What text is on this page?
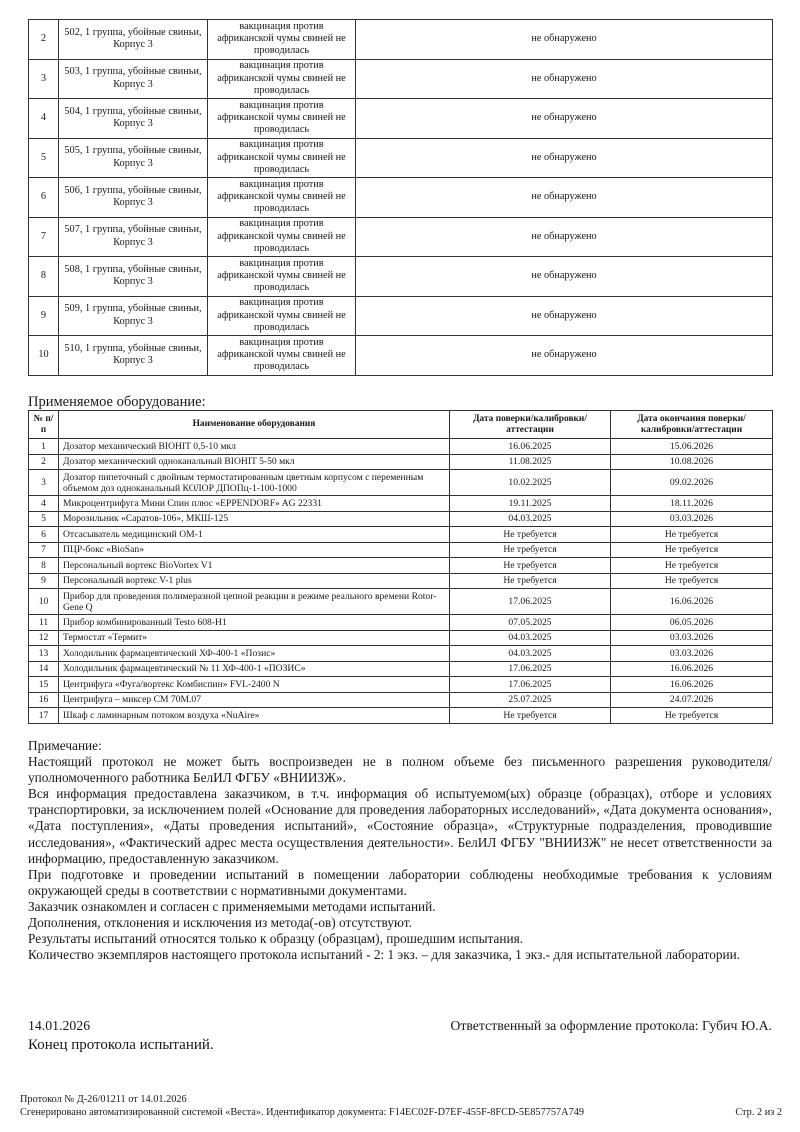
2	502, 1 группа, убойные свиньи, Корпус 3	вакцинация против африканской чумы свиней не проводилась	не обнаружено
3	503, 1 группа, убойные свиньи, Корпус 3	вакцинация против африканской чумы свиней не проводилась	не обнаружено
4	504, 1 группа, убойные свиньи, Корпус 3	вакцинация против африканской чумы свиней не проводилась	не обнаружено
5	505, 1 группа, убойные свиньи, Корпус 3	вакцинация против африканской чумы свиней не проводилась	не обнаружено
6	506, 1 группа, убойные свиньи, Корпус 3	вакцинация против африканской чумы свиней не проводилась	не обнаружено
7	507, 1 группа, убойные свиньи, Корпус 3	вакцинация против африканской чумы свиней не проводилась	не обнаружено
8	508, 1 группа, убойные свиньи, Корпус 3	вакцинация против африканской чумы свиней не проводилась	не обнаружено
9	509, 1 группа, убойные свиньи, Корпус 3	вакцинация против африканской чумы свиней не проводилась	не обнаружено
10	510, 1 группа, убойные свиньи, Корпус 3	вакцинация против африканской чумы свиней не проводилась	не обнаружено
Применяемое оборудование:
№ п/п	Наименование оборудования	Дата поверки/калибровки/аттестации	Дата окончания поверки/калибровки/аттестации
1	Дозатор механический BIOHIT 0,5-10 мкл	16.06.2025	15.06.2026
2	Дозатор механический одноканальный BIOHIT 5-50 мкл	11.08.2025	10.08.2026
3	Дозатор пипеточный с двойным термостатированным цветным корпусом с переменным объемом доз одноканальный КОЛОР ДПОПц-1-100-1000	10.02.2025	09.02.2026
4	Микроцентрифуга Мини Спин плюс «EPPENDORF» AG 22331	19.11.2025	18.11.2026
5	Морозильник «Саратов-106», МКШ-125	04.03.2025	03.03.2026
6	Отсасыватель медицинский ОМ-1	Не требуется	Не требуется
7	ПЦР-бокс «BioSan»	Не требуется	Не требуется
8	Персональный вортекс BioVortex V1	Не требуется	Не требуется
9	Персональный вортекс V-1 plus	Не требуется	Не требуется
10	Прибор для проведения полимеразной цепной реакции в режиме реального времени Rotor-Gene Q	17.06.2025	16.06.2026
11	Прибор комбинированный Testo 608-H1	07.05.2025	06.05.2026
12	Термостат «Термит»	04.03.2025	03.03.2026
13	Холодильник фармацевтический ХФ-400-1 «Позис»	04.03.2025	03.03.2026
14	Холодильник фармацевтический № 11 ХФ-400-1 «ПОЗИС»	17.06.2025	16.06.2026
15	Центрифуга «Фуга/вортекс Комбиспин» FVL-2400 N	17.06.2025	16.06.2026
16	Центрифуга – миксер СМ 70М.07	25.07.2025	24.07.2026
17	Шкаф с ламинарным потоком воздуха «NuAire»	Не требуется	Не требуется

Примечание:

Настоящий протокол не может быть воспроизведен не в полном объеме без письменного разрешения руководителя/уполномоченного работника БелИЛ ФГБУ «ВНИИЗЖ».

Вся информация предоставлена заказчиком, в т.ч. информация об испытуемом(ых) образце (образцах), отборе и условиях транспортировки, за исключением полей «Основание для проведения лабораторных исследований», «Дата документа основания», «Дата поступления», «Даты проведения испытаний», «Состояние образца», «Структурные подразделения, проводившие исследования», «Фактический адрес места осуществления деятельности». БелИЛ ФГБУ "ВНИИЗЖ" не несет ответственности за информацию, предоставленную заказчиком.

При подготовке и проведении испытаний в помещении лаборатории соблюдены необходимые требования к условиям окружающей среды в соответствии с нормативными документами.

Заказчик ознакомлен и согласен с применяемыми методами испытаний.

Дополнения, отклонения и исключения из метода(-ов) отсутствуют.

Результаты испытаний относятся только к образцу (образцам), прошедшим испытания.

Количество экземпляров настоящего протокола испытаний - 2: 1 экз. – для заказчика, 1 экз.- для испытательной лаборатории.

14.01.2026	Ответственный за оформление протокола: Губич Ю.А.
Конец протокола испытаний.
Протокол № Д-26/01211 от 14.01.2026
Сгенерировано автоматизированной системой «Веста». Идентификатор документа: F14EC02F-D7EF-455F-8FCD-5E857757A749	Стр. 2 из 2
